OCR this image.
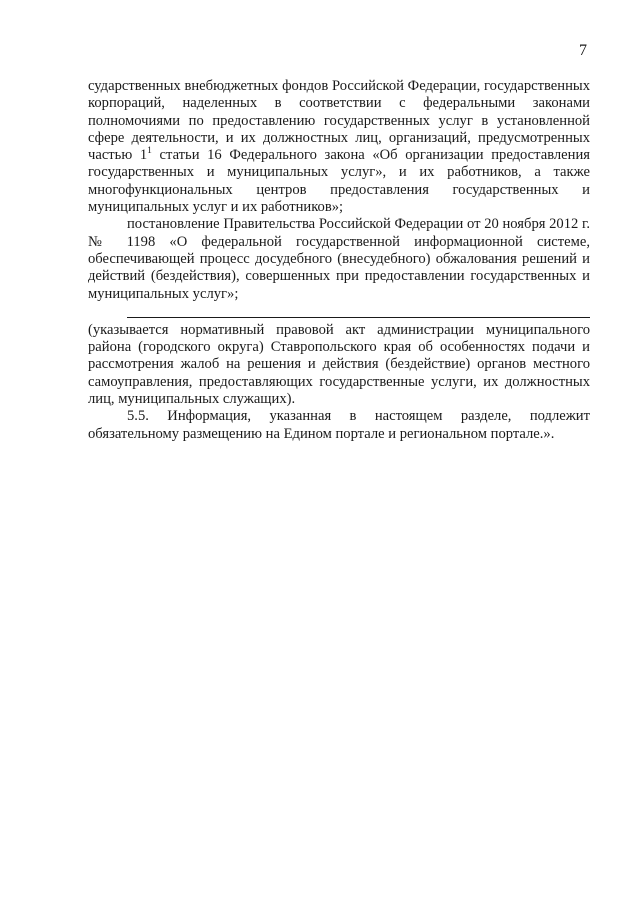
7

сударственных внебюджетных фондов Российской Федерации, государственных корпораций, наделенных в соответствии с федеральными законами полномочиями по предоставлению государственных услуг в установленной сфере деятельности, и их должностных лиц, организаций, предусмотренных частью $1^1$ статьи 16 Федерального закона «Об организации предоставления государственных и муниципальных услуг», и их работников, а также многофункциональных центров предоставления государственных и муниципальных услуг и их работников»;

постановление Правительства Российской Федерации от 20 ноября 2012 г. № 1198 «О федеральной государственной информационной системе, обеспечивающей процесс досудебного (внесудебного) обжалования решений и действий (бездействия), совершенных при предоставлении государственных и муниципальных услуг»;

(указывается нормативный правовой акт администрации муниципального района (городского округа) Ставропольского края об особенностях подачи и рассмотрения жалоб на решения и действия (бездействие) органов местного самоуправления, предоставляющих государственные услуги, их должностных лиц, муниципальных служащих).

5.5. Информация, указанная в настоящем разделе, подлежит обязательному размещению на Едином портале и региональном портале.».
